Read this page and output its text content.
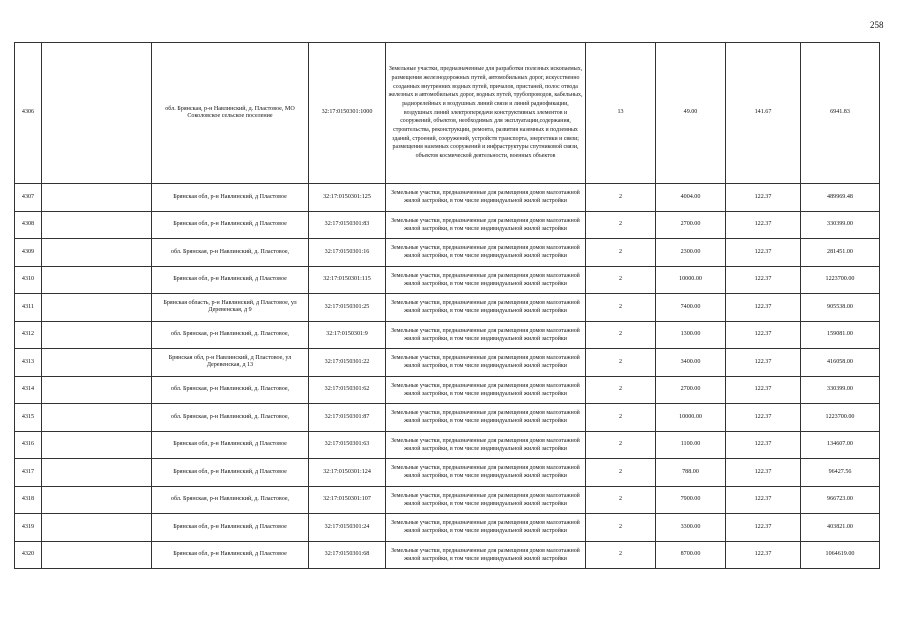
258
4306		обл. Брянская, р-н Навлинский, д. Пластовое, МО Соколовское сельское поселение	32:17:0150301:1000	Земельные участки, предназначенные для разработки полезных ископаемых, размещения железнодорожных путей, автомобильных дорог, искусственно созданных внутренних водных путей, причалов, пристаней, полос отвода железных и автомобильных дорог, водных путей, трубопроводов, кабельных, радиорелейных и воздушных линий связи и линий радиофикации, воздушных линий электропередачи конструктивных элементов и сооружений, объектов, необходимых для эксплуатации,содержания, строительства, реконструкции, ремонта, развития наземных и подземных зданий, строений, сооружений, устройств транспорта, энергетики и связи; размещения наземных сооружений и инфраструктуры спутниковой связи, объектов космической деятельности, военных объектов	13	49.00	141.67	6941.83
4307		Брянская обл, р-н Навлинский, д Пластовое	32:17:0150301:125	Земельные участки, предназначенные для размещения домов малоэтажной жилой застройки, в том числе индивидуальной жилой застройки	2	4004.00	122.37	489969.48
4308		Брянская обл, р-н Навлинский, д Пластовое	32:17:0150301:83	Земельные участки, предназначенные для размещения домов малоэтажной жилой застройки, в том числе индивидуальной жилой застройки	2	2700.00	122.37	330399.00
4309		обл. Брянская, р-н Навлинский, д. Пластовое,	32:17:0150301:16	Земельные участки, предназначенные для размещения домов малоэтажной жилой застройки, в том числе индивидуальной жилой застройки	2	2300.00	122.37	281451.00
4310		Брянская обл, р-н Навлинский, д Пластовое	32:17:0150301:115	Земельные участки, предназначенные для размещения домов малоэтажной жилой застройки, в том числе индивидуальной жилой застройки	2	10000.00	122.37	1223700.00
4311		Брянская область, р-н Навлинский, д Пластовое, ул Деревенская, д 9	32:17:0150301:25	Земельные участки, предназначенные для размещения домов малоэтажной жилой застройки, в том числе индивидуальной жилой застройки	2	7400.00	122.37	905538.00
4312		обл. Брянская, р-н Навлинский, д. Пластовое,	32:17:0150301:9	Земельные участки, предназначенные для размещения домов малоэтажной жилой застройки, в том числе индивидуальной жилой застройки	2	1300.00	122.37	159081.00
4313		Брянская обл, р-н Навлинский, д Пластовое, ул Деревенская, д 13	32:17:0150301:22	Земельные участки, предназначенные для размещения домов малоэтажной жилой застройки, в том числе индивидуальной жилой застройки	2	3400.00	122.37	416058.00
4314		обл. Брянская, р-н Навлинский, д. Пластовое,	32:17:0150301:62	Земельные участки, предназначенные для размещения домов малоэтажной жилой застройки, в том числе индивидуальной жилой застройки	2	2700.00	122.37	330399.00
4315		обл. Брянская, р-н Навлинский, д. Пластовое,	32:17:0150301:87	Земельные участки, предназначенные для размещения домов малоэтажной жилой застройки, в том числе индивидуальной жилой застройки	2	10000.00	122.37	1223700.00
4316		Брянская обл, р-н Навлинский, д Пластовое	32:17:0150301:63	Земельные участки, предназначенные для размещения домов малоэтажной жилой застройки, в том числе индивидуальной жилой застройки	2	1100.00	122.37	134607.00
4317		Брянская обл, р-н Навлинский, д Пластовое	32:17:0150301:124	Земельные участки, предназначенные для размещения домов малоэтажной жилой застройки, в том числе индивидуальной жилой застройки	2	788.00	122.37	96427.56
4318		обл. Брянская, р-н Навлинский, д. Пластовое,	32:17:0150301:107	Земельные участки, предназначенные для размещения домов малоэтажной жилой застройки, в том числе индивидуальной жилой застройки	2	7900.00	122.37	966723.00
4319		Брянская обл, р-н Навлинский, д Пластовое	32:17:0150301:24	Земельные участки, предназначенные для размещения домов малоэтажной жилой застройки, в том числе индивидуальной жилой застройки	2	3300.00	122.37	403821.00
4320		Брянская обл, р-н Навлинский, д Пластовое	32:17:0150301:68	Земельные участки, предназначенные для размещения домов малоэтажной жилой застройки, в том числе индивидуальной жилой застройки	2	8700.00	122.37	1064619.00
